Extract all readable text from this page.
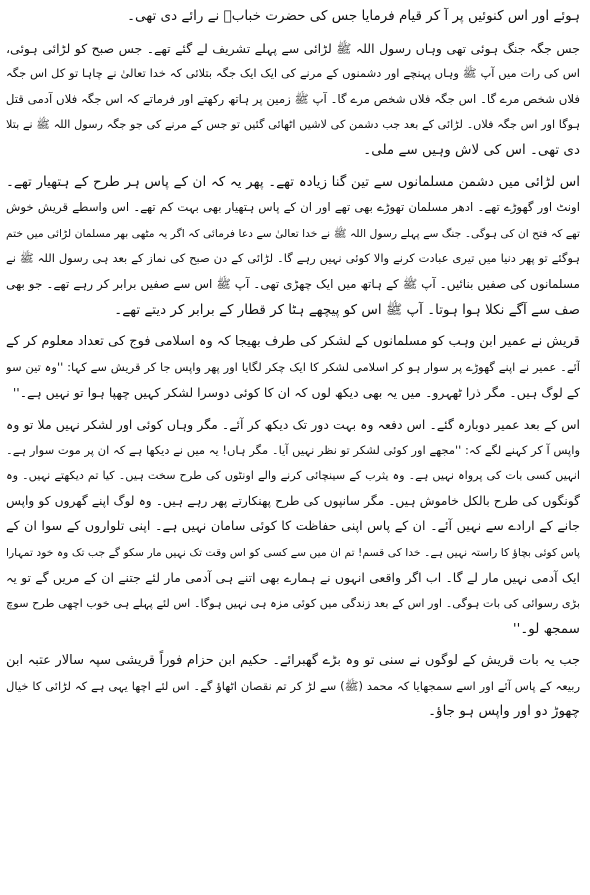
ہوئے اور اس کنوئیں پر آ کر قیام فرمایا جس کی حضرت خبابؓ نے رائے دی تھی۔
جس جگہ جنگ ہوئی تھی وہاں رسول اللہ ﷺ لڑائی سے پہلے تشریف لے گئے تھے۔ جس صبح کو لڑائی ہوئی،
اس کی رات میں آپ ﷺ وہاں پہنچے اور دشمنوں کے مرنے کی ایک ایک جگہ بتلائی کہ خدا تعالیٰ نے چاہا تو کل اس جگہ
فلاں شخص مرے گا۔ اس جگہ فلاں شخص مرے گا۔ آپ ﷺ زمین پر ہاتھ رکھتے اور فرماتے کہ اس جگہ فلاں آدمی قتل
ہوگا اور اس جگہ فلاں۔ لڑائی کے بعد جب دشمن کی لاشیں اٹھائی گئیں تو جس کے مرنے کی جو جگہ رسول اللہ ﷺ نے بتلا
دی تھی۔ اس کی لاش وہیں سے ملی۔
اس لڑائی میں دشمن مسلمانوں سے تین گنا زیادہ تھے۔ پھر یہ کہ ان کے پاس ہر طرح کے ہتھیار تھے۔
اونٹ اور گھوڑے تھے۔ ادھر مسلمان تھوڑے بھی تھے اور ان کے پاس ہتھیار بھی بہت کم تھے۔ اس واسطے قریش خوش
تھے کہ فتح ان کی ہوگی۔ جنگ سے پہلے رسول اللہ ﷺ نے خدا تعالیٰ سے دعا فرمائی کہ اگر یہ مٹھی بھر مسلمان لڑائی میں ختم
ہوگئے تو پھر دنیا میں تیری عبادت کرنے والا کوئی نہیں رہے گا۔ لڑائی کے دن صبح کی نماز کے بعد ہی رسول اللہ ﷺ نے
مسلمانوں کی صفیں بنائیں۔ آپ ﷺ کے ہاتھ میں ایک چھڑی تھی۔ آپ ﷺ اس سے صفیں برابر کر رہے تھے۔ جو بھی
صف سے آگے نکلا ہوا ہوتا۔ آپ ﷺ اس کو پیچھے ہٹا کر قطار کے برابر کر دیتے تھے۔
قریش نے عمیر ابن وہب کو مسلمانوں کے لشکر کی طرف بھیجا کہ وہ اسلامی فوج کی تعداد معلوم کر کے
آئے۔ عمیر نے اپنے گھوڑے پر سوار ہو کر اسلامی لشکر کا ایک چکر لگایا اور پھر واپس جا کر قریش سے کہا: ''وہ تین سو
کے لوگ ہیں۔ مگر ذرا ٹھہرو۔ میں یہ بھی دیکھ لوں کہ ان کا کوئی دوسرا لشکر کہیں چھپا ہوا تو نہیں ہے۔''
اس کے بعد عمیر دوبارہ گئے۔ اس دفعہ وہ بہت دور تک دیکھ کر آئے۔ مگر وہاں کوئی اور لشکر نہیں ملا تو وہ
واپس آ کر کہنے لگے کہ: ''مجھے اور کوئی لشکر تو نظر نہیں آیا۔ مگر ہاں! یہ میں نے دیکھا ہے کہ ان پر موت سوار ہے۔
انہیں کسی بات کی پرواہ نہیں ہے۔ وہ یثرب کے سینچائی کرنے والے اونٹوں کی طرح سخت ہیں۔ کیا تم دیکھتے نہیں۔ وہ
گونگوں کی طرح بالکل خاموش ہیں۔ مگر سانپوں کی طرح پھنکارتے پھر رہے ہیں۔ وہ لوگ اپنے گھروں کو واپس
جانے کے ارادے سے نہیں آئے۔ ان کے پاس اپنی حفاظت کا کوئی سامان نہیں ہے۔ اپنی تلواروں کے سوا ان کے
پاس کوئی بچاؤ کا راستہ نہیں ہے۔ خدا کی قسم! تم ان میں سے کسی کو اس وقت تک نہیں مار سکو گے جب تک وہ خود تمہارا
ایک آدمی نہیں مار لے گا۔ اب اگر واقعی انہوں نے ہمارے بھی اتنے ہی آدمی مار لئے جتنے ان کے مریں گے تو یہ
بڑی رسوائی کی بات ہوگی۔ اور اس کے بعد زندگی میں کوئی مزہ ہی نہیں ہوگا۔ اس لئے پہلے ہی خوب اچھی طرح سوچ
سمجھ لو۔''
جب یہ بات قریش کے لوگوں نے سنی تو وہ بڑے گھبرائے۔ حکیم ابن حزام فوراً قریشی سپہ سالار عتبہ ابن
ربیعہ کے پاس آئے اور اسے سمجھایا کہ محمد (ﷺ) سے لڑ کر تم نقصان اٹھاؤ گے۔ اس لئے اچھا یہی ہے کہ لڑائی کا خیال
چھوڑ دو اور واپس ہو جاؤ۔
